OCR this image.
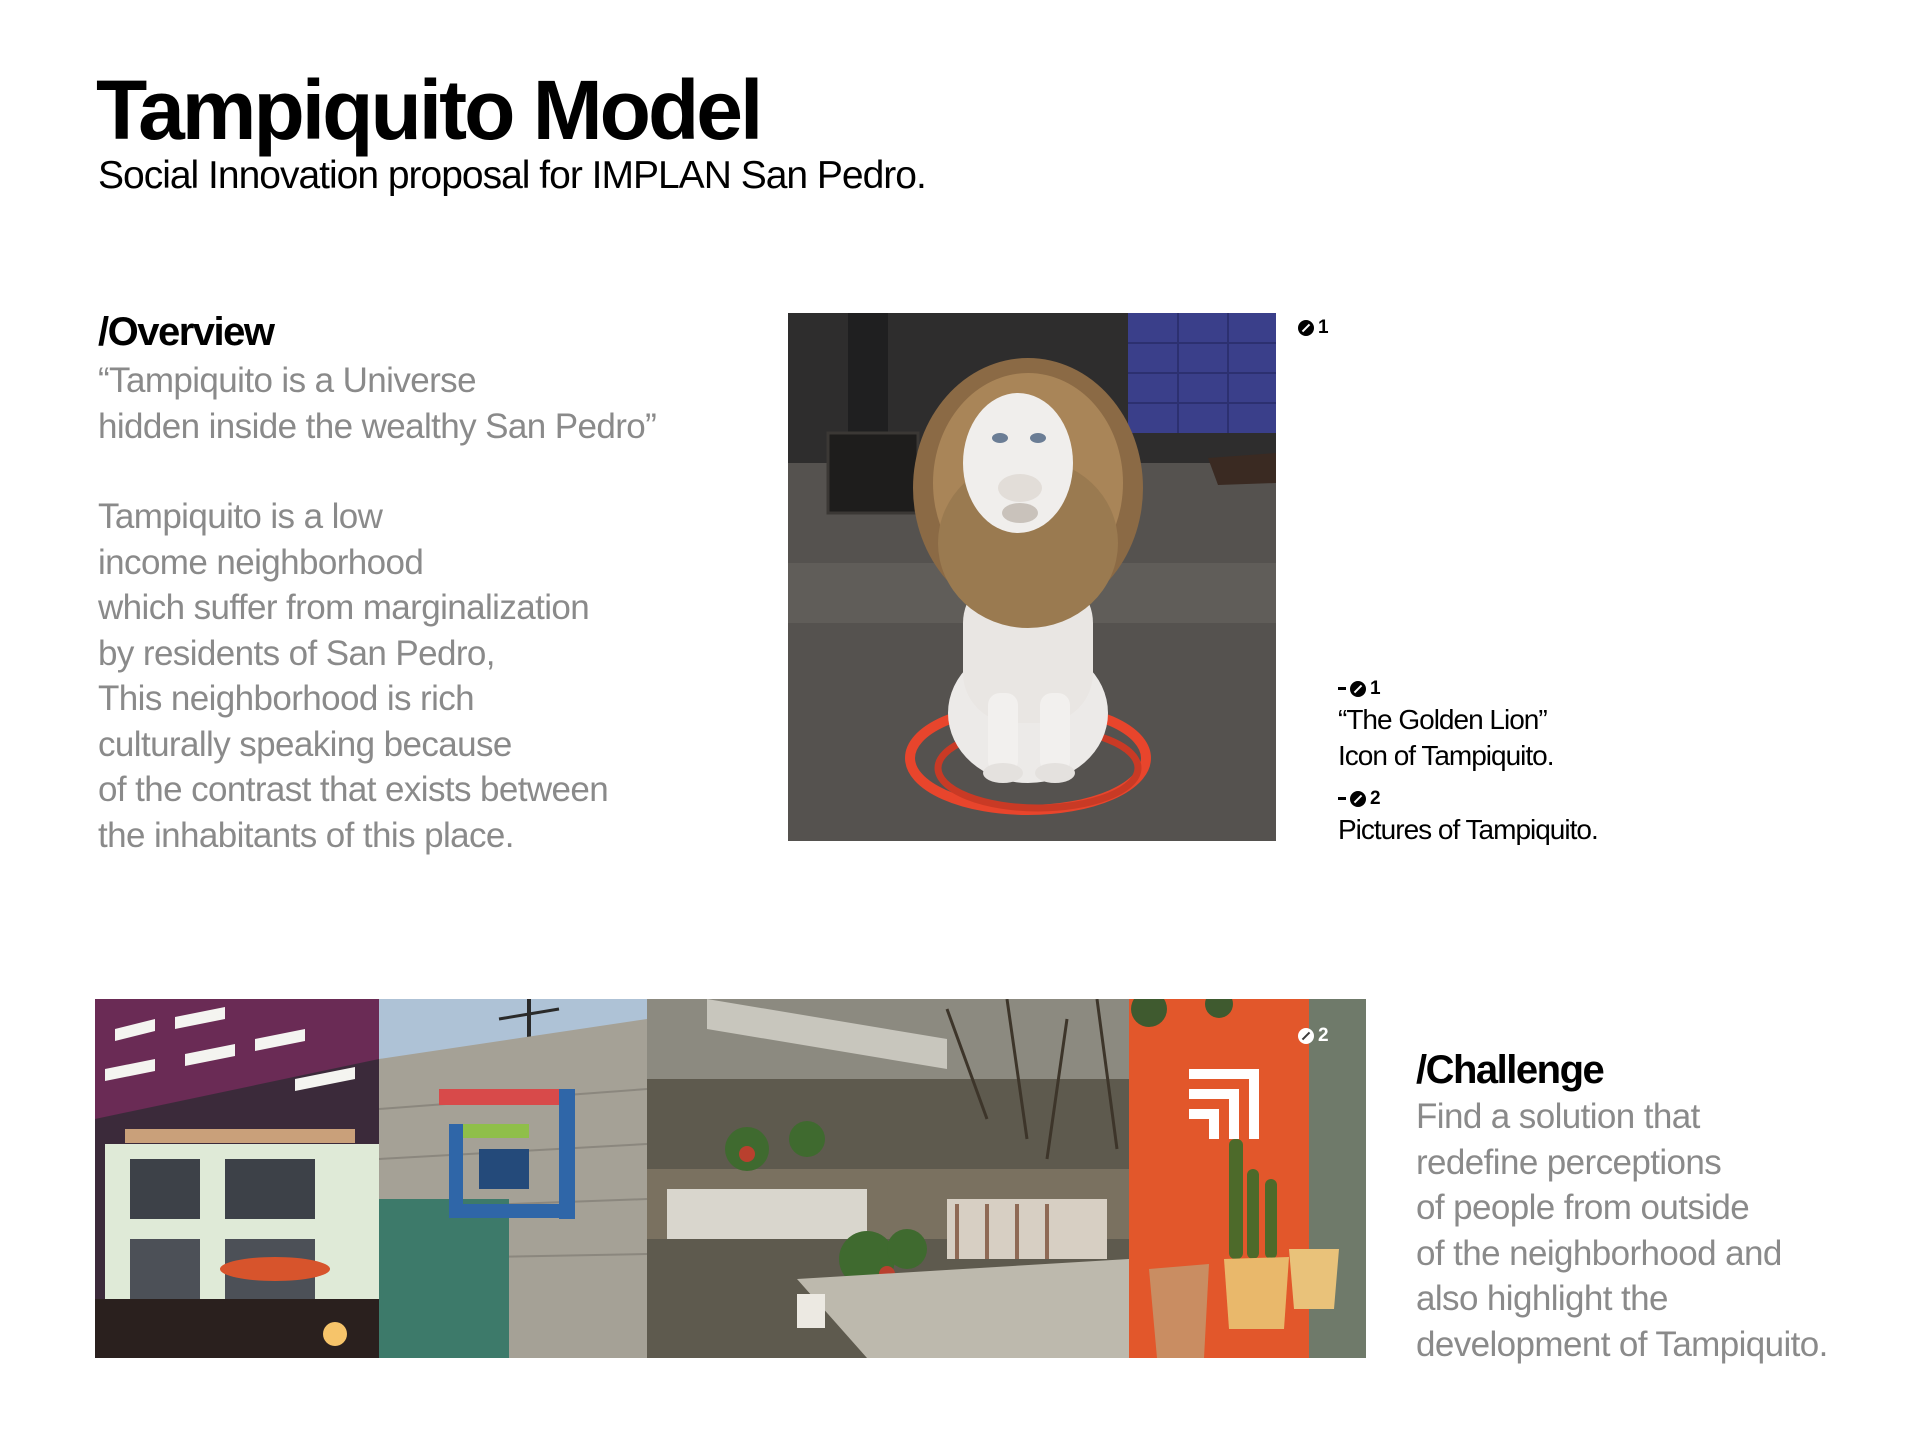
Tampiquito Model
Social Innovation proposal for IMPLAN San Pedro.
/Overview
“Tampiquito is a Universe
hidden inside the wealthy San Pedro”
Tampiquito is a low
income neighborhood
which suffer from marginalization
by residents of San Pedro,
This neighborhood is rich
culturally speaking because
of the contrast that exists between
the inhabitants of this place.
1
1
“The Golden Lion”
Icon of Tampiquito.
2
Pictures of Tampiquito.
2
/Challenge
Find a solution that
redefine perceptions
of people from outside
of the neighborhood and
also highlight the
development of Tampiquito.
